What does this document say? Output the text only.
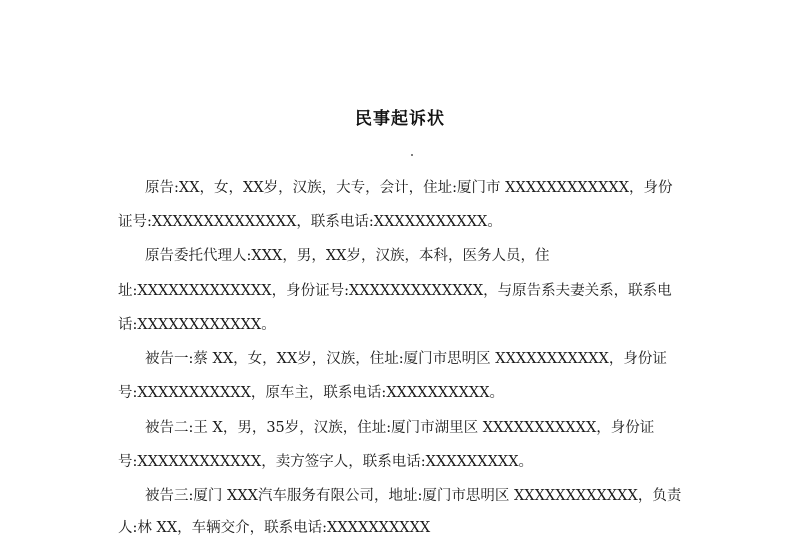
民事起诉状
原告:XX，女，XX岁，汉族，大专，会计，住址:厦门市 XXXXXXXXXXXX，身份
证号:XXXXXXXXXXXXXX，联系电话:XXXXXXXXXXX。
原告委托代理人:XXX，男，XX岁，汉族，本科，医务人员，住
址:XXXXXXXXXXXXX，身份证号:XXXXXXXXXXXXX，与原告系夫妻关系，联系电
话:XXXXXXXXXXXX。
被告一:蔡 XX，女，XX岁，汉族，住址:厦门市思明区 XXXXXXXXXXX，身份证
号:XXXXXXXXXXX，原车主，联系电话:XXXXXXXXXX。
被告二:王 X，男，35岁，汉族，住址:厦门市湖里区 XXXXXXXXXXX，身份证
号:XXXXXXXXXXXX，卖方签字人，联系电话:XXXXXXXXX。
被告三:厦门 XXX汽车服务有限公司，地址:厦门市思明区 XXXXXXXXXXXX，负责
人:林 XX，车辆交介，联系电话:XXXXXXXXXX
